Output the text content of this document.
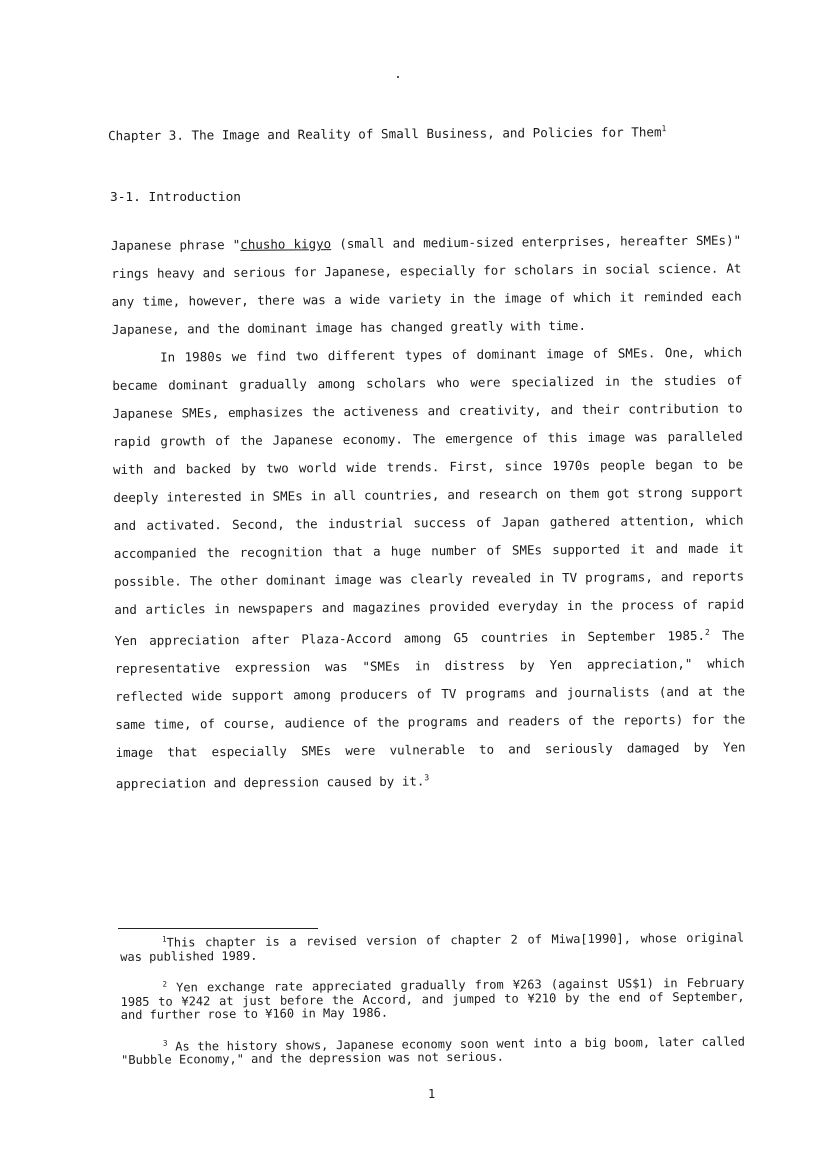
Chapter 3. The Image and Reality of Small Business, and Policies for Them$^1$
3-1. Introduction

Japanese phrase "chusho kigyo (small and medium-sized enterprises, hereafter SMEs)" rings heavy and serious for Japanese, especially for scholars in social science. At any time, however, there was a wide variety in the image of which it reminded each Japanese, and the dominant image has changed greatly with time.

In 1980s we find two different types of dominant image of SMEs. One, which became dominant gradually among scholars who were specialized in the studies of Japanese SMEs, emphasizes the activeness and creativity, and their contribution to rapid growth of the Japanese economy. The emergence of this image was paralleled with and backed by two world wide trends. First, since 1970s people began to be deeply interested in SMEs in all countries, and research on them got strong support and activated. Second, the industrial success of Japan gathered attention, which accompanied the recognition that a huge number of SMEs supported it and made it possible. The other dominant image was clearly revealed in TV programs, and reports and articles in newspapers and magazines provided everyday in the process of rapid Yen appreciation after Plaza-Accord among G5 countries in September 1985.$^2$ The representative expression was "SMEs in distress by Yen appreciation," which reflected wide support among producers of TV programs and journalists (and at the same time, of course, audience of the programs and readers of the reports) for the image that especially SMEs were vulnerable to and seriously damaged by Yen appreciation and depression caused by it.$^3$

$^1$This chapter is a revised version of chapter 2 of Miwa[1990], whose original was published 1989.

$^2$ Yen exchange rate appreciated gradually from ¥263 (against US$1) in February 1985 to ¥242 at just before the Accord, and jumped to ¥210 by the end of September, and further rose to ¥160 in May 1986.

$^3$ As the history shows, Japanese economy soon went into a big boom, later called "Bubble Economy," and the depression was not serious.

1
